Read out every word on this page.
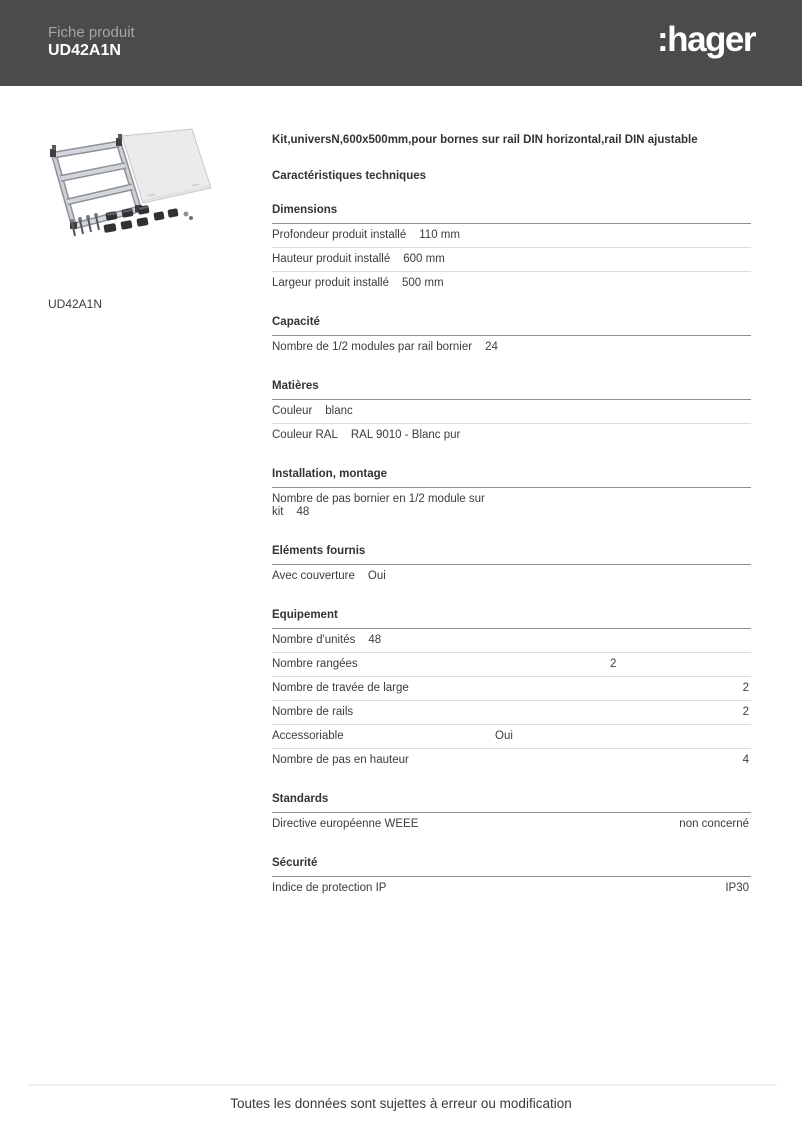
Fiche produit
UD42A1N	:hager
UD42A1N
Kit,universN,600x500mm,pour bornes sur rail DIN horizontal,rail DIN ajustable
Caractéristiques techniques
Dimensions
Profondeur produit installé 110 mm
Hauteur produit installé 600 mm
Largeur produit installé 500 mm
Capacité
Nombre de 1/2 modules par rail bornier 24
Matières
Couleur blanc
Couleur RAL RAL 9010 - Blanc pur
Installation, montage
Nombre de pas bornier en 1/2 module sur kit 48
Eléments fournis
Avec couverture Oui
Equipement
Nombre d'unités 48
Nombre rangées	2
Nombre de travée de large	2
Nombre de rails	2
Accessoriable	Oui
Nombre de pas en hauteur	4
Standards
Directive européenne WEEE	non concerné
Sécurité
Indice de protection IP	IP30
Toutes les données sont sujettes à erreur ou modification
